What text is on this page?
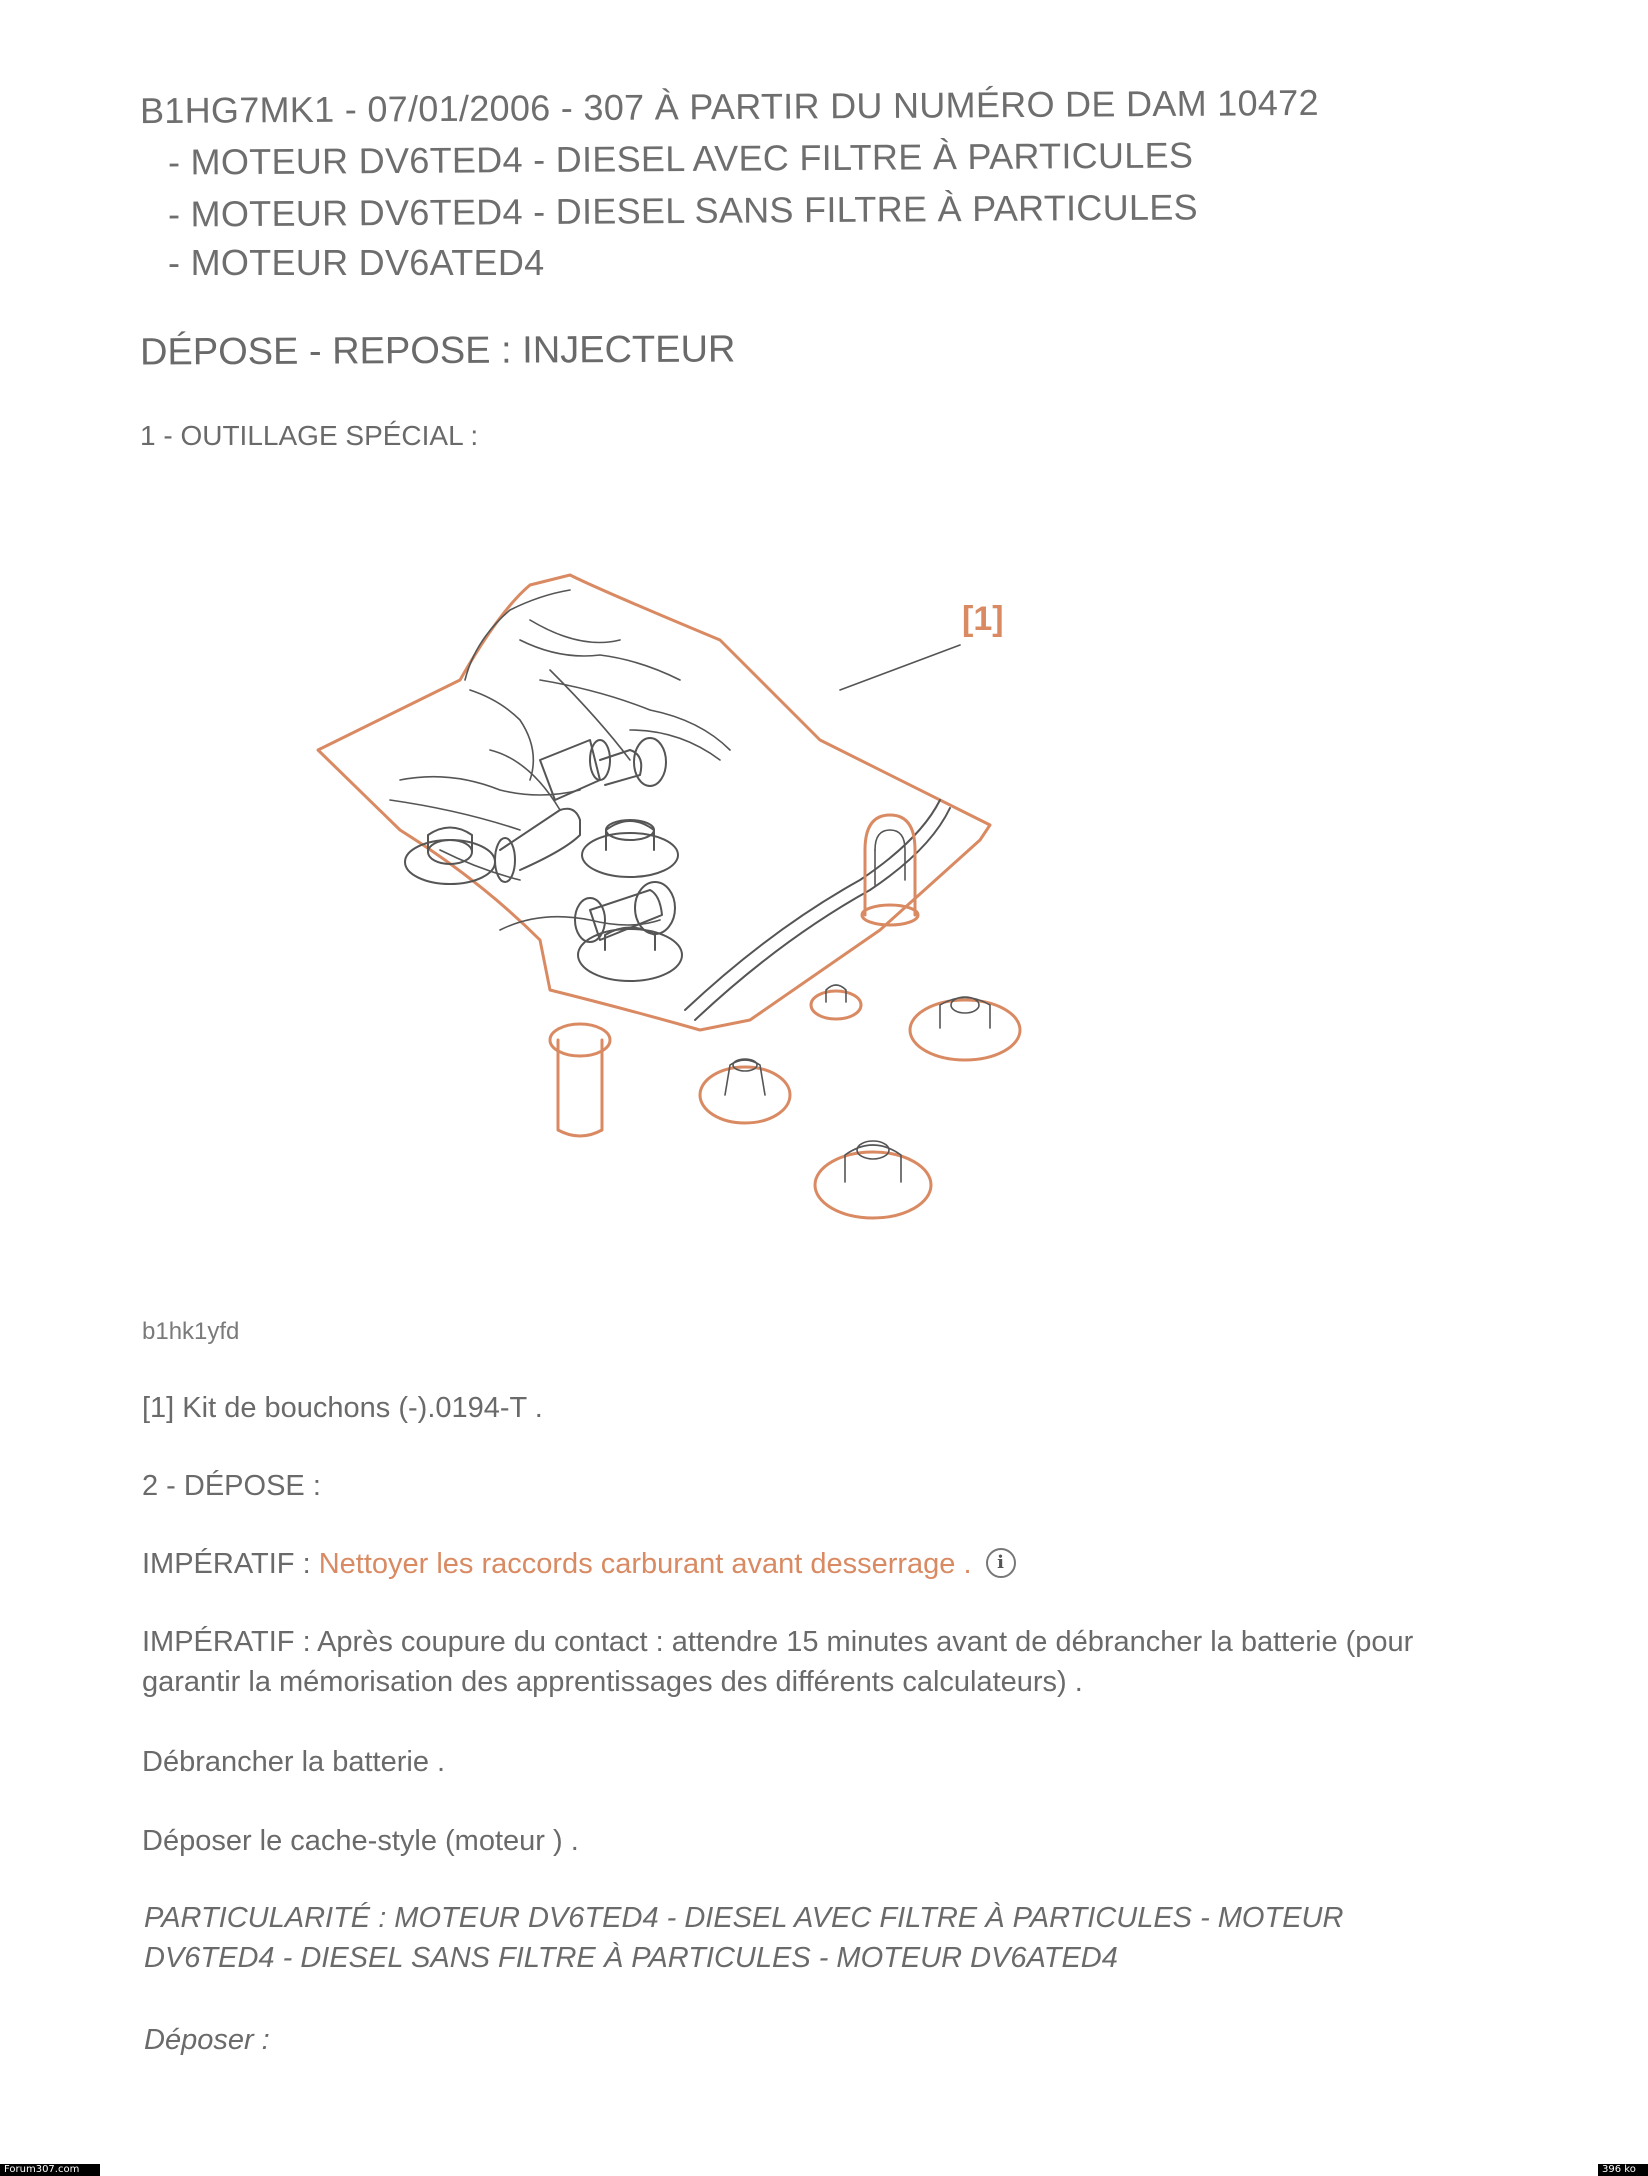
B1HG7MK1 - 07/01/2006 - 307 À PARTIR DU NUMÉRO DE DAM 10472
- MOTEUR DV6TED4 - DIESEL AVEC FILTRE À PARTICULES
- MOTEUR DV6TED4 - DIESEL SANS FILTRE À PARTICULES
- MOTEUR DV6ATED4
DÉPOSE - REPOSE : INJECTEUR
1 - OUTILLAGE SPÉCIAL :
[1]
b1hk1yfd
[1] Kit de bouchons (-).0194-T .
2 - DÉPOSE :
IMPÉRATIF : Nettoyer les raccords carburant avant desserrage . i
IMPÉRATIF : Après coupure du contact : attendre 15 minutes avant de débrancher la batterie (pour
garantir la mémorisation des apprentissages des différents calculateurs) .
Débrancher la batterie .
Déposer le cache-style (moteur ) .
PARTICULARITÉ : MOTEUR DV6TED4 - DIESEL AVEC FILTRE À PARTICULES - MOTEUR
DV6TED4 - DIESEL SANS FILTRE À PARTICULES - MOTEUR DV6ATED4
Déposer :
Forum307.com	396 ko
